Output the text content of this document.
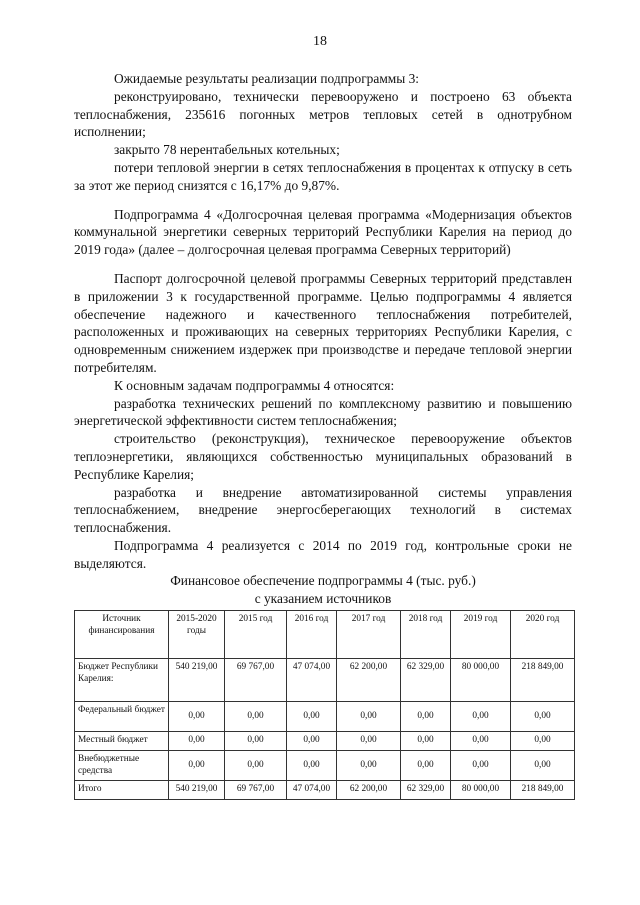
18

Ожидаемые результаты реализации подпрограммы 3:

реконструировано, технически перевооружено и построено 63 объекта теплоснабжения, 235616 погонных метров тепловых сетей в однотрубном исполнении;

закрыто 78 нерентабельных котельных;

потери тепловой энергии в сетях теплоснабжения в процентах к отпуску в сеть за этот же период снизятся с 16,17% до 9,87%.

Подпрограмма 4 «Долгосрочная целевая программа «Модернизация объектов коммунальной энергетики северных территорий Республики Карелия на период до 2019 года» (далее – долгосрочная целевая программа Северных территорий)

Паспорт долгосрочной целевой программы Северных территорий представлен в приложении 3 к государственной программе. Целью подпрограммы 4 является обеспечение надежного и качественного теплоснабжения потребителей, расположенных и проживающих на северных территориях Республики Карелия, с одновременным снижением издержек при производстве и передаче тепловой энергии потребителям.

К основным задачам подпрограммы 4 относятся:

разработка технических решений по комплексному развитию и повышению энергетической эффективности систем теплоснабжения;

строительство (реконструкция), техническое перевооружение объектов теплоэнергетики, являющихся собственностью муниципальных образований в Республике Карелия;

разработка и внедрение автоматизированной системы управления теплоснабжением, внедрение энергосберегающих технологий в системах теплоснабжения.

Подпрограмма 4 реализуется с 2014 по 2019 год, контрольные сроки не выделяются.

Финансовое обеспечение подпрограммы 4 (тыс. руб.)
с указанием источников
Источник финансирования	2015-2020 годы	2015 год	2016 год	2017 год	2018 год	2019 год	2020 год
Бюджет Республики Карелия:	540 219,00	69 767,00	47 074,00	62 200,00	62 329,00	80 000,00	218 849,00
Федеральный бюджет	0,00	0,00	0,00	0,00	0,00	0,00	0,00
Местный бюджет	0,00	0,00	0,00	0,00	0,00	0,00	0,00
Внебюджетные средства	0,00	0,00	0,00	0,00	0,00	0,00	0,00
Итого	540 219,00	69 767,00	47 074,00	62 200,00	62 329,00	80 000,00	218 849,00
